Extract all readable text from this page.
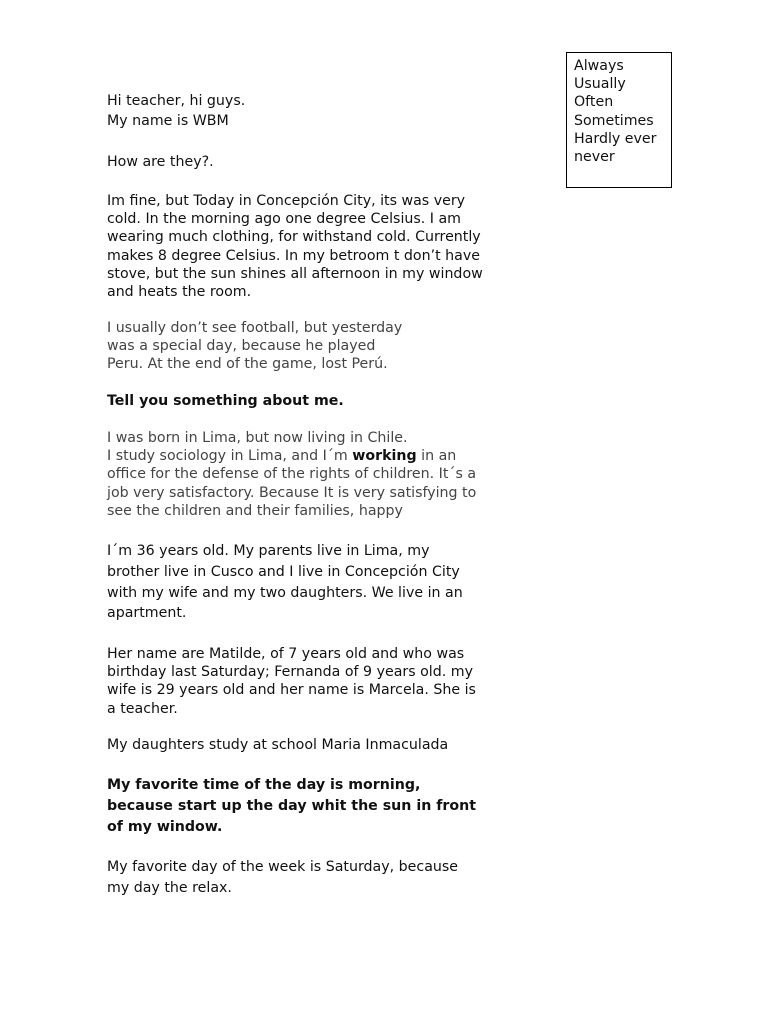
Always
Usually
Often
Sometimes
Hardly ever
never

Hi teacher, hi guys.
My name is WBM

How are they?.

Im fine, but Today in Concepción City, its was very
cold. In the morning ago one degree Celsius. I am
wearing much clothing, for withstand cold. Currently
makes 8 degree Celsius. In my betroom t don’t have
stove, but the sun shines all afternoon in my window
and heats the room.

I usually don’t see football, but yesterday
was a special day, because he played
Peru. At the end of the game, lost Perú.

Tell you something about me.

I was born in Lima, but now living in Chile.
I study sociology in Lima, and I´m working in an
office for the defense of the rights of children. It´s a
job very satisfactory. Because It is very satisfying to
see the children and their families, happy

I´m 36 years old. My parents live in Lima, my
brother live in Cusco and I live in Concepción City
with my wife and my two daughters. We live in an
apartment.

Her name are Matilde, of 7 years old and who was
birthday last Saturday; Fernanda of 9 years old. my
wife is 29 years old and her name is Marcela. She is
a teacher.

My daughters study at school Maria Inmaculada

My favorite time of the day is morning,
because start up the day whit the sun in front
of my window.

My favorite day of the week is Saturday, because
my day the relax.
